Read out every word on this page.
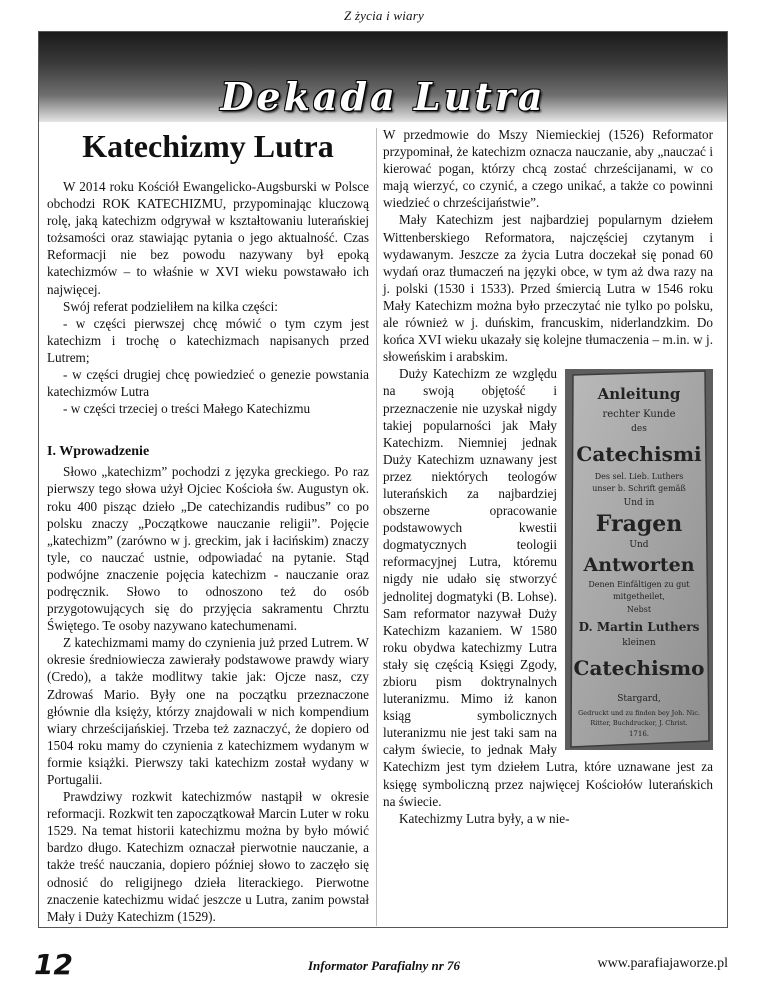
Z życia i wiary
Dekada Lutra
Katechizmy Lutra

W 2014 roku Kościół Ewangelicko-Augsburski w Polsce obchodzi ROK KATECHIZMU, przypominając kluczową rolę, jaką katechizm odgrywał w kształtowaniu luterańskiej tożsamości oraz stawiając pytania o jego aktualność. Czas Reformacji nie bez powodu nazywany był epoką katechizmów – to właśnie w XVI wieku powstawało ich najwięcej.

Swój referat podzieliłem na kilka części:

- w części pierwszej chcę mówić o tym czym jest katechizm i trochę o katechizmach napisanych przed Lutrem;

- w części drugiej chcę powiedzieć o genezie powstania katechizmów Lutra

- w części trzeciej o treści Małego Katechizmu

I. Wprowadzenie

Słowo „katechizm” pochodzi z języka greckiego. Po raz pierwszy tego słowa użył Ojciec Kościoła św. Augustyn ok. roku 400 pisząc dzieło „De catechizandis rudibus” co po polsku znaczy „Początkowe nauczanie religii”. Pojęcie „katechizm” (zarówno w j. greckim, jak i łacińskim) znaczy tyle, co nauczać ustnie, odpowiadać na pytanie. Stąd podwójne znaczenie pojęcia katechizm - nauczanie oraz podręcznik. Słowo to odnoszono też do osób przygotowujących się do przyjęcia sakramentu Chrztu Świętego. Te osoby nazywano katechumenami.

Z katechizmami mamy do czynienia już przed Lutrem. W okresie średniowiecza zawierały podstawowe prawdy wiary (Credo), a także modlitwy takie jak: Ojcze nasz, czy Zdrowaś Mario. Były one na początku przeznaczone głównie dla księży, którzy znajdowali w nich kompendium wiary chrześcijańskiej. Trzeba też zaznaczyć, że dopiero od 1504 roku mamy do czynienia z katechizmem wydanym w formie książki. Pierwszy taki katechizm został wydany w Portugalii.

Prawdziwy rozkwit katechizmów nastąpił w okresie reformacji. Rozkwit ten zapoczątkował Marcin Luter w roku 1529. Na temat historii katechizmu można by było mówić bardzo długo. Katechizm oznaczał pierwotnie nauczanie, a także treść nauczania, dopiero później słowo to zaczęło się odnosić do religijnego dzieła literackiego. Pierwotne znaczenie katechizmu widać jeszcze u Lutra, zanim powstał Mały i Duży Katechizm (1529).

W przedmowie do Mszy Niemieckiej (1526) Reformator przypominał, że katechizm oznacza nauczanie, aby „nauczać i kierować pogan, którzy chcą zostać chrześcijanami, w co mają wierzyć, co czynić, a czego unikać, a także co powinni wiedzieć o chrześcijaństwie”.

Mały Katechizm jest najbardziej popularnym dziełem Wittenberskiego Reformatora, najczęściej czytanym i wydawanym. Jeszcze za życia Lutra doczekał się ponad 60 wydań oraz tłumaczeń na języki obce, w tym aż dwa razy na j. polski (1530 i 1533). Przed śmiercią Lutra w 1546 roku Mały Katechizm można było przeczytać nie tylko po polsku, ale również w j. duńskim, francuskim, niderlandzkim. Do końca XVI wieku ukazały się kolejne tłumaczenia – m.in. w j. słoweńskim i arabskim.

Anleitung
rechter Kunde
des
Catechismi
Des sel. Lieb. Luthers
unser b. Schrift gemäß
Und in
Fragen
Und
Antworten
Denen Einfältigen zu gut
mitgetheilet,
Nebst
D. Martin Luthers
kleinen
Catechismo
Stargard,
Gedruckt und zu finden bey Joh. Nic.
Ritter, Buchdrucker, J. Christ.
1716.

Duży Katechizm ze względu na swoją objętość i przeznaczenie nie uzyskał nigdy takiej popularności jak Mały Katechizm. Niemniej jednak Duży Katechizm uznawany jest przez niektórych teologów luterańskich za najbardziej obszerne opracowanie podstawowych kwestii dogmatycznych teologii reformacyjnej Lutra, któremu nigdy nie udało się stworzyć jednolitej dogmatyki (B. Lohse). Sam reformator nazywał Duży Katechizm kazaniem. W 1580 roku obydwa katechizmy Lutra stały się częścią Księgi Zgody, zbioru pism doktrynalnych luteranizmu. Mimo iż kanon ksiąg symbolicznych luteranizmu nie jest taki sam na całym świecie, to jednak Mały Katechizm jest tym dziełem Lutra, które uznawane jest za księgę symboliczną przez najwięcej Kościołów luterańskich na świecie.

Katechizmy Lutra były, a w nie-

12	Informator Parafialny nr 76	www.parafiajaworze.pl
